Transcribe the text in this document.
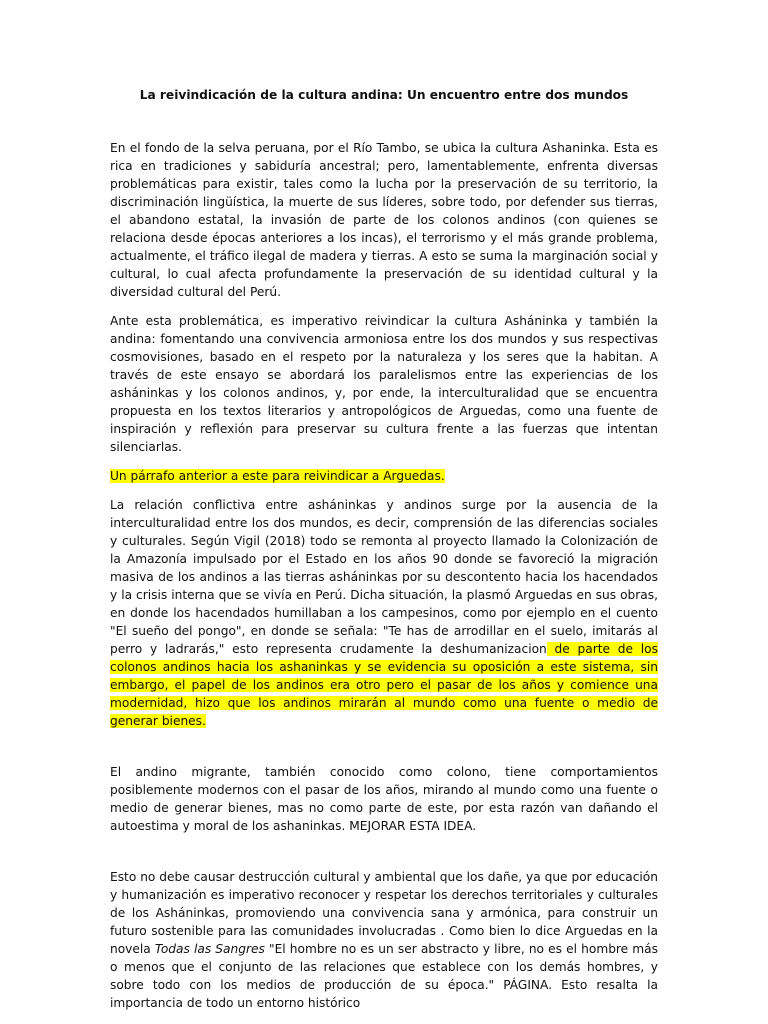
La reivindicación de la cultura andina: Un encuentro entre dos mundos

En el fondo de la selva peruana, por el Río Tambo, se ubica la cultura Ashaninka. Esta es rica en tradiciones y sabiduría ancestral; pero, lamentablemente, enfrenta diversas problemáticas para existir, tales como la lucha por la preservación de su territorio, la discriminación lingüística, la muerte de sus líderes, sobre todo, por defender sus tierras, el abandono estatal, la invasión de parte de los colonos andinos (con quienes se relaciona desde épocas anteriores a los incas), el terrorismo y el más grande problema, actualmente, el tráfico ilegal de madera y tierras. A esto se suma la marginación social y cultural, lo cual afecta profundamente la preservación de su identidad cultural y la diversidad cultural del Perú.

Ante esta problemática, es imperativo reivindicar la cultura Asháninka y también la andina: fomentando una convivencia armoniosa entre los dos mundos y sus respectivas cosmovisiones, basado en el respeto por la naturaleza y los seres que la habitan. A través de este ensayo se abordará los paralelismos entre las experiencias de los asháninkas y los colonos andinos, y, por ende, la interculturalidad que se encuentra propuesta en los textos literarios y antropológicos de Arguedas, como una fuente de inspiración y reflexión para preservar su cultura frente a las fuerzas que intentan silenciarlas.

Un párrafo anterior a este para reivindicar a Arguedas.

La relación conflictiva entre asháninkas y andinos surge por la ausencia de la interculturalidad entre los dos mundos, es decir, comprensión de las diferencias sociales y culturales. Según Vigil (2018) todo se remonta al proyecto llamado la Colonización de la Amazonía impulsado por el Estado en los años 90 donde se favoreció la migración masiva de los andinos a las tierras asháninkas por su descontento hacia los hacendados y la crisis interna que se vivía en Perú. Dicha situación, la plasmó Arguedas en sus obras, en donde los hacendados humillaban a los campesinos, como por ejemplo en el cuento "El sueño del pongo", en donde se señala: "Te has de arrodillar en el suelo, imitarás al perro y ladrarás," esto representa crudamente la deshumanizacion de parte de los colonos andinos hacia los ashaninkas y se evidencia su oposición a este sistema, sin embargo, el papel de los andinos era otro pero el pasar de los años y comience una modernidad, hizo que los andinos mirarán al mundo como una fuente o medio de generar bienes.

El andino migrante, también conocido como colono, tiene comportamientos posiblemente modernos con el pasar de los años, mirando al mundo como una fuente o medio de generar bienes, mas no como parte de este, por esta razón van dañando el autoestima y moral de los ashaninkas. MEJORAR ESTA IDEA.

Esto no debe causar destrucción cultural y ambiental que los dañe, ya que por educación y humanización es imperativo reconocer y respetar los derechos territoriales y culturales de los Asháninkas, promoviendo una convivencia sana y armónica, para construir un futuro sostenible para las comunidades involucradas . Como bien lo dice Arguedas en la novela Todas las Sangres "El hombre no es un ser abstracto y libre, no es el hombre más o menos que el conjunto de las relaciones que establece con los demás hombres, y sobre todo con los medios de producción de su época." PÁGINA. Esto resalta la importancia de todo un entorno histórico
